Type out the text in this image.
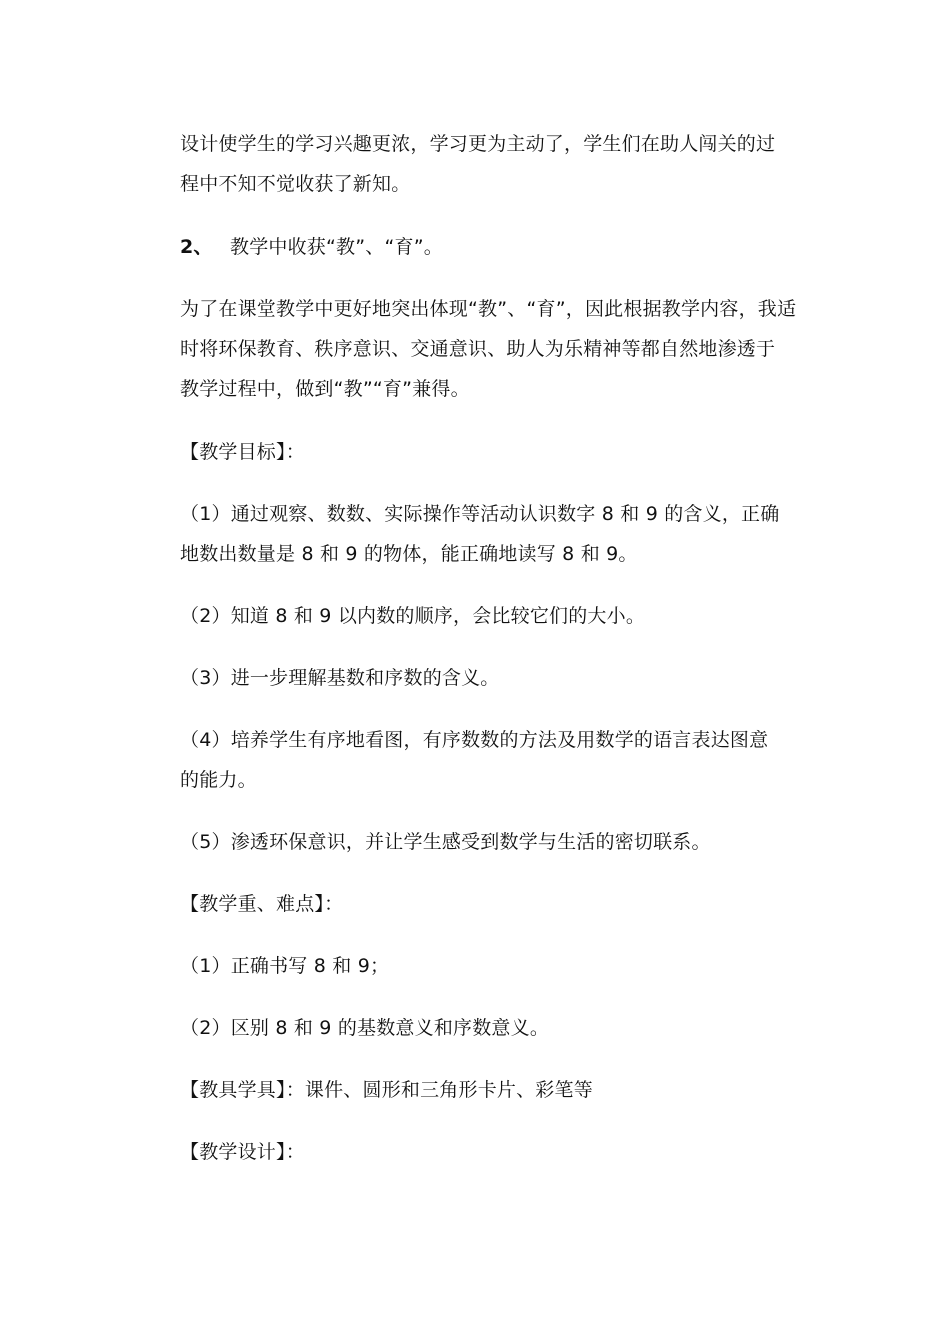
设计使学生的学习兴趣更浓，学习更为主动了，学生们在助人闯关的过
程中不知不觉收获了新知。
2、 教学中收获“教”、“育”。
为了在课堂教学中更好地突出体现“教”、“育”，因此根据教学内容，我适
时将环保教育、秩序意识、交通意识、助人为乐精神等都自然地渗透于
教学过程中，做到“教”“育”兼得。
【教学目标】：
（1）通过观察、数数、实际操作等活动认识数字 8 和 9 的含义，正确
地数出数量是 8 和 9 的物体，能正确地读写 8 和 9。
（2）知道 8 和 9 以内数的顺序，会比较它们的大小。
（3）进一步理解基数和序数的含义。
（4）培养学生有序地看图，有序数数的方法及用数学的语言表达图意
的能力。
（5）渗透环保意识，并让学生感受到数学与生活的密切联系。
【教学重、难点】：
（1）正确书写 8 和 9；
（2）区别 8 和 9 的基数意义和序数意义。
【教具学具】：课件、圆形和三角形卡片、彩笔等
【教学设计】：
